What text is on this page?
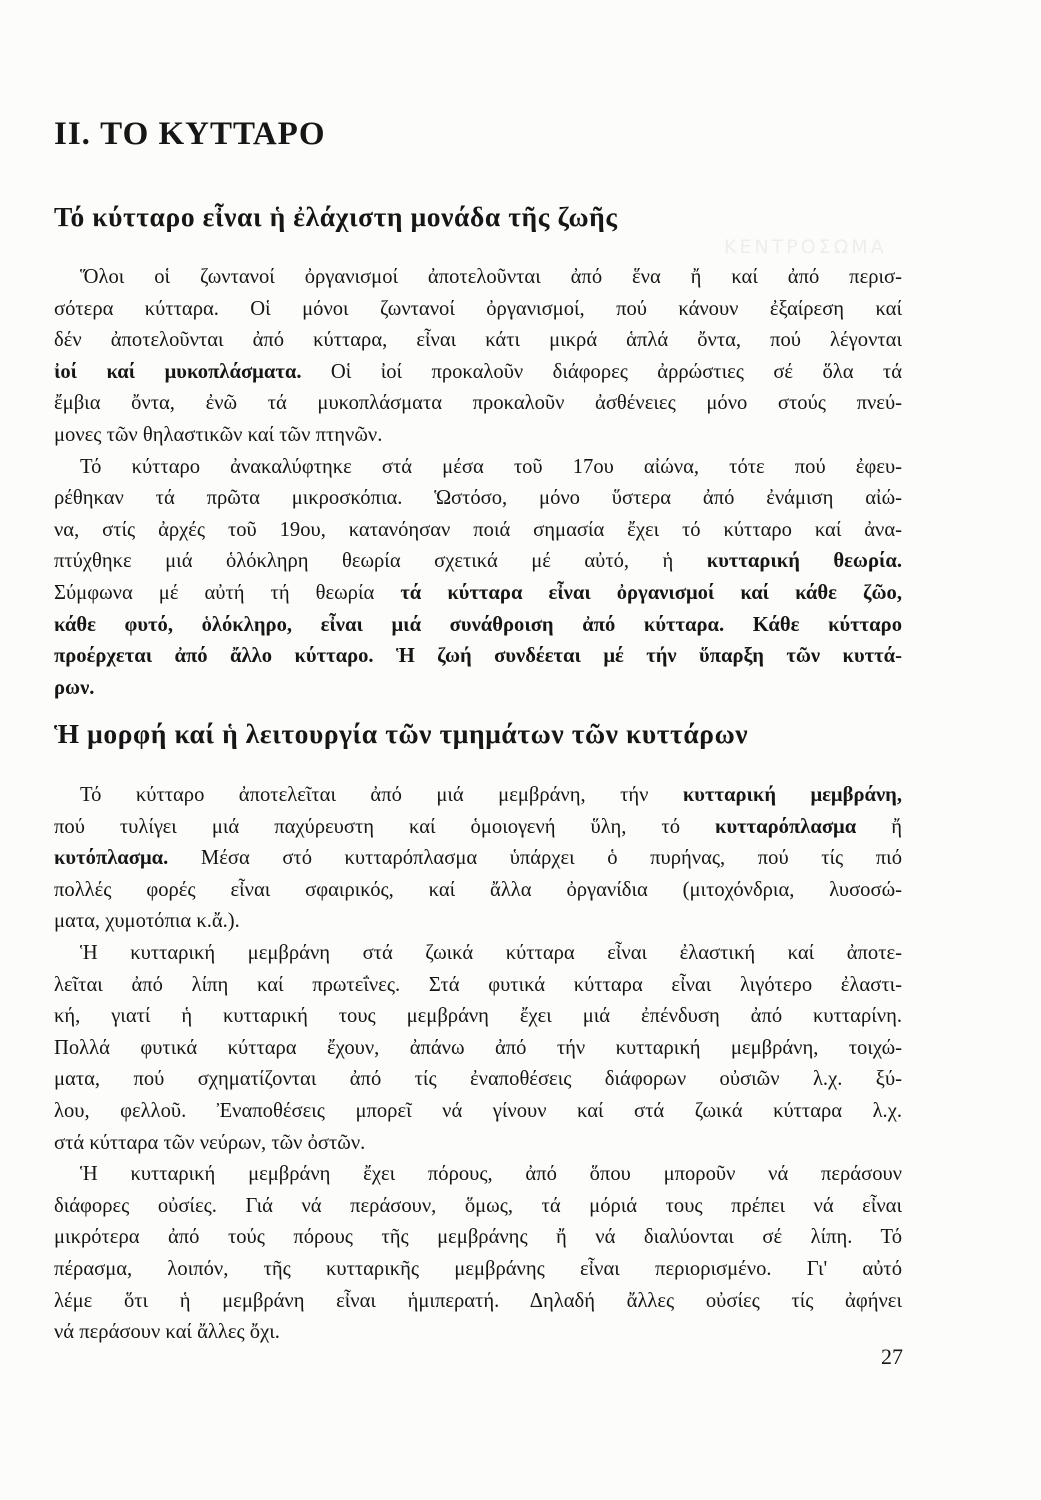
ΚΕΝΤΡΟΣΩΜΑ
II. ΤΟ ΚΥΤΤΑΡΟ
Τό κύτταρο εἶναι ἡ ἐλάχιστη μονάδα τῆς ζωῆς
Ὅλοι οἱ ζωντανοί ὀργανισμοί ἀποτελοῦνται ἀπό ἕνα ἤ καί ἀπό περισ-
σότερα κύτταρα. Οἱ μόνοι ζωντανοί ὀργανισμοί, πού κάνουν ἐξαίρεση καί
δέν ἀποτελοῦνται ἀπό κύτταρα, εἶναι κάτι μικρά ἁπλά ὄντα, πού λέγονται
ἰοί καί μυκοπλάσματα. Οἱ ἰοί προκαλοῦν διάφορες ἀρρώστιες σέ ὅλα τά
ἔμβια ὄντα, ἐνῶ τά μυκοπλάσματα προκαλοῦν ἀσθένειες μόνο στούς πνεύ-
μονες τῶν θηλαστικῶν καί τῶν πτηνῶν.
Τό κύτταρο ἀνακαλύφτηκε στά μέσα τοῦ 17ου αἰώνα, τότε πού ἐφευ-
ρέθηκαν τά πρῶτα μικροσκόπια. Ὡστόσο, μόνο ὕστερα ἀπό ἐνάμιση αἰώ-
να, στίς ἀρχές τοῦ 19ου, κατανόησαν ποιά σημασία ἔχει τό κύτταρο καί ἀνα-
πτύχθηκε μιά ὁλόκληρη θεωρία σχετικά μέ αὐτό, ἡ κυτταρική θεωρία.
Σύμφωνα μέ αὐτή τή θεωρία τά κύτταρα εἶναι ὀργανισμοί καί κάθε ζῶο,
κάθε φυτό, ὁλόκληρο, εἶναι μιά συνάθροιση ἀπό κύτταρα. Κάθε κύτταρο
προέρχεται ἀπό ἄλλο κύτταρο. Ἡ ζωή συνδέεται μέ τήν ὕπαρξη τῶν κυττά-
ρων.
Ἡ μορφή καί ἡ λειτουργία τῶν τμημάτων τῶν κυττάρων
Τό κύτταρο ἀποτελεῖται ἀπό μιά μεμβράνη, τήν κυτταρική μεμβράνη,
πού τυλίγει μιά παχύρευστη καί ὁμοιογενή ὕλη, τό κυτταρόπλασμα ἤ
κυτόπλασμα. Μέσα στό κυτταρόπλασμα ὑπάρχει ὁ πυρήνας, πού τίς πιό
πολλές φορές εἶναι σφαιρικός, καί ἄλλα ὀργανίδια (μιτοχόνδρια, λυσοσώ-
ματα, χυμοτόπια κ.ἄ.).
Ἡ κυτταρική μεμβράνη στά ζωικά κύτταρα εἶναι ἐλαστική καί ἀποτε-
λεῖται ἀπό λίπη καί πρωτεΐνες. Στά φυτικά κύτταρα εἶναι λιγότερο ἐλαστι-
κή, γιατί ἡ κυτταρική τους μεμβράνη ἔχει μιά ἐπένδυση ἀπό κυτταρίνη.
Πολλά φυτικά κύτταρα ἔχουν, ἀπάνω ἀπό τήν κυτταρική μεμβράνη, τοιχώ-
ματα, πού σχηματίζονται ἀπό τίς ἐναποθέσεις διάφορων οὐσιῶν λ.χ. ξύ-
λου, φελλοῦ. Ἐναποθέσεις μπορεῖ νά γίνουν καί στά ζωικά κύτταρα λ.χ.
στά κύτταρα τῶν νεύρων, τῶν ὀστῶν.
Ἡ κυτταρική μεμβράνη ἔχει πόρους, ἀπό ὅπου μποροῦν νά περάσουν
διάφορες οὐσίες. Γιά νά περάσουν, ὅμως, τά μόριά τους πρέπει νά εἶναι
μικρότερα ἀπό τούς πόρους τῆς μεμβράνης ἤ νά διαλύονται σέ λίπη. Τό
πέρασμα, λοιπόν, τῆς κυτταρικῆς μεμβράνης εἶναι περιορισμένο. Γι' αὐτό
λέμε ὅτι ἡ μεμβράνη εἶναι ἡμιπερατή. Δηλαδή ἄλλες οὐσίες τίς ἀφήνει
νά περάσουν καί ἄλλες ὄχι.
27
